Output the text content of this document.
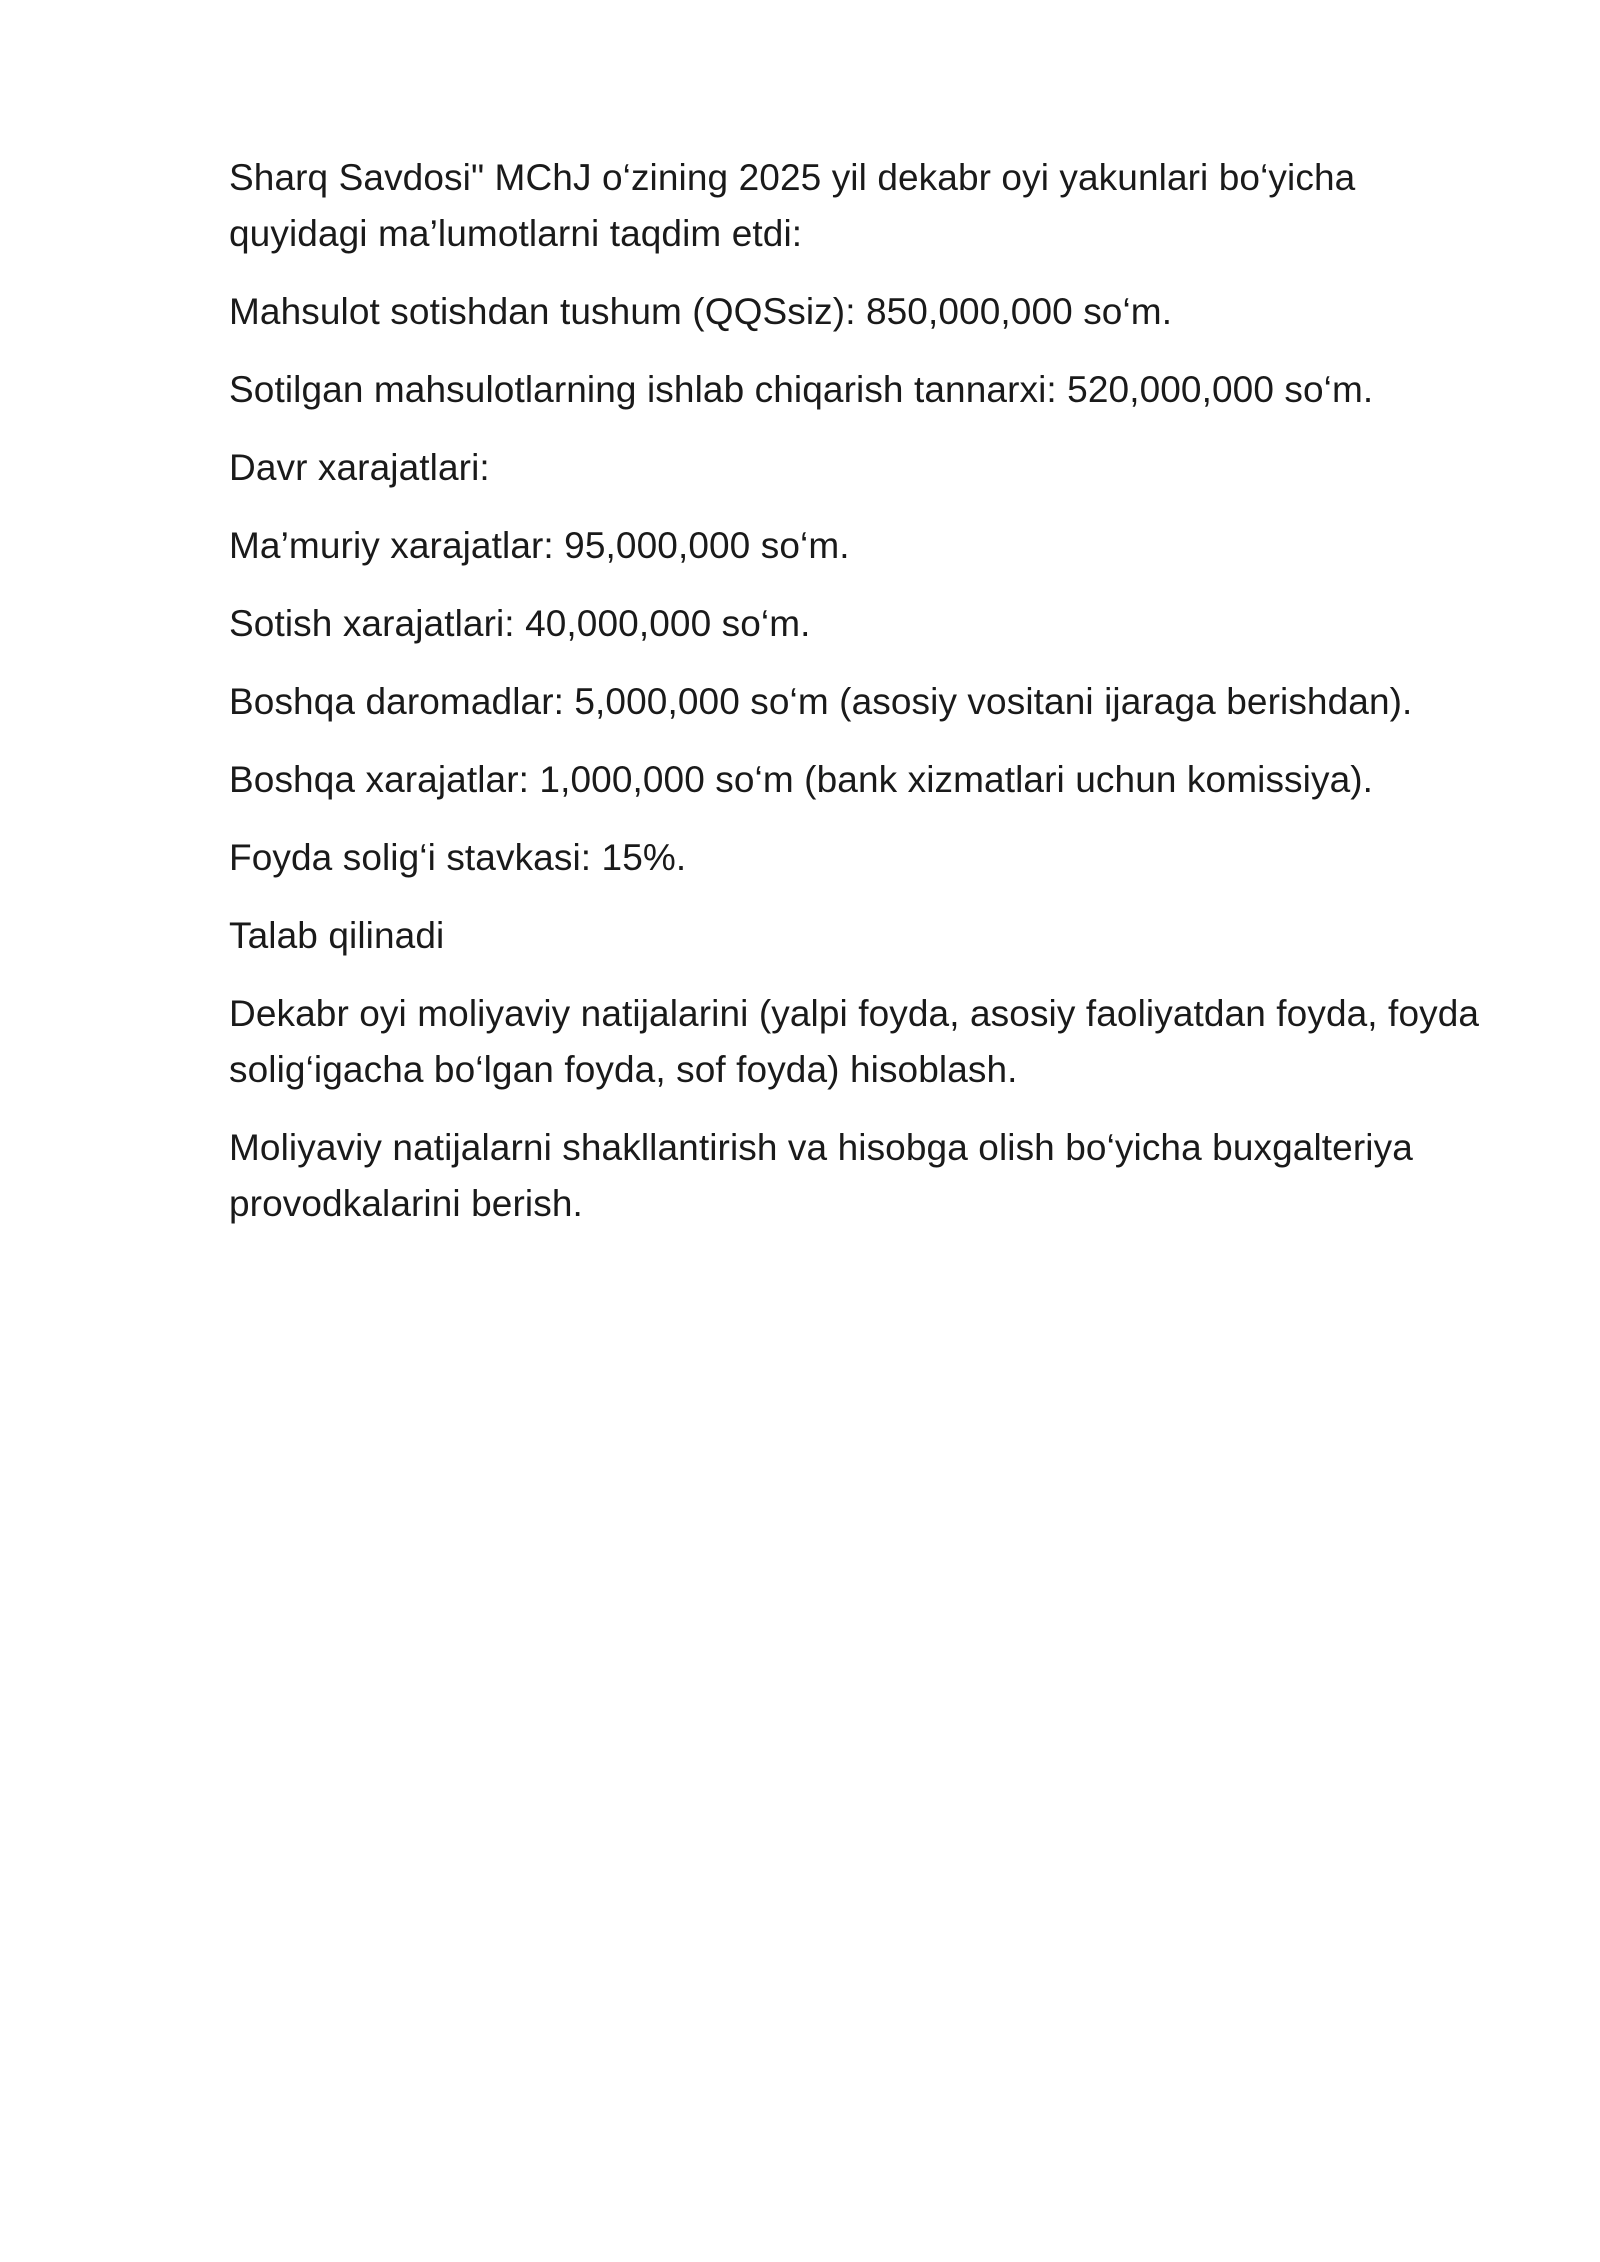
Sharq Savdosi" MChJ o‘zining 2025 yil dekabr oyi yakunlari bo‘yicha quyidagi ma’lumotlarni taqdim etdi:

Mahsulot sotishdan tushum (QQSsiz): 850,000,000 so‘m.

Sotilgan mahsulotlarning ishlab chiqarish tannarxi: 520,000,000 so‘m.

Davr xarajatlari:

Ma’muriy xarajatlar: 95,000,000 so‘m.

Sotish xarajatlari: 40,000,000 so‘m.

Boshqa daromadlar: 5,000,000 so‘m (asosiy vositani ijaraga berishdan).

Boshqa xarajatlar: 1,000,000 so‘m (bank xizmatlari uchun komissiya).

Foyda solig‘i stavkasi: 15%.

Talab qilinadi

Dekabr oyi moliyaviy natijalarini (yalpi foyda, asosiy faoliyatdan foyda, foyda solig‘igacha bo‘lgan foyda, sof foyda) hisoblash.

Moliyaviy natijalarni shakllantirish va hisobga olish bo‘yicha buxgalteriya provodkalarini berish.
